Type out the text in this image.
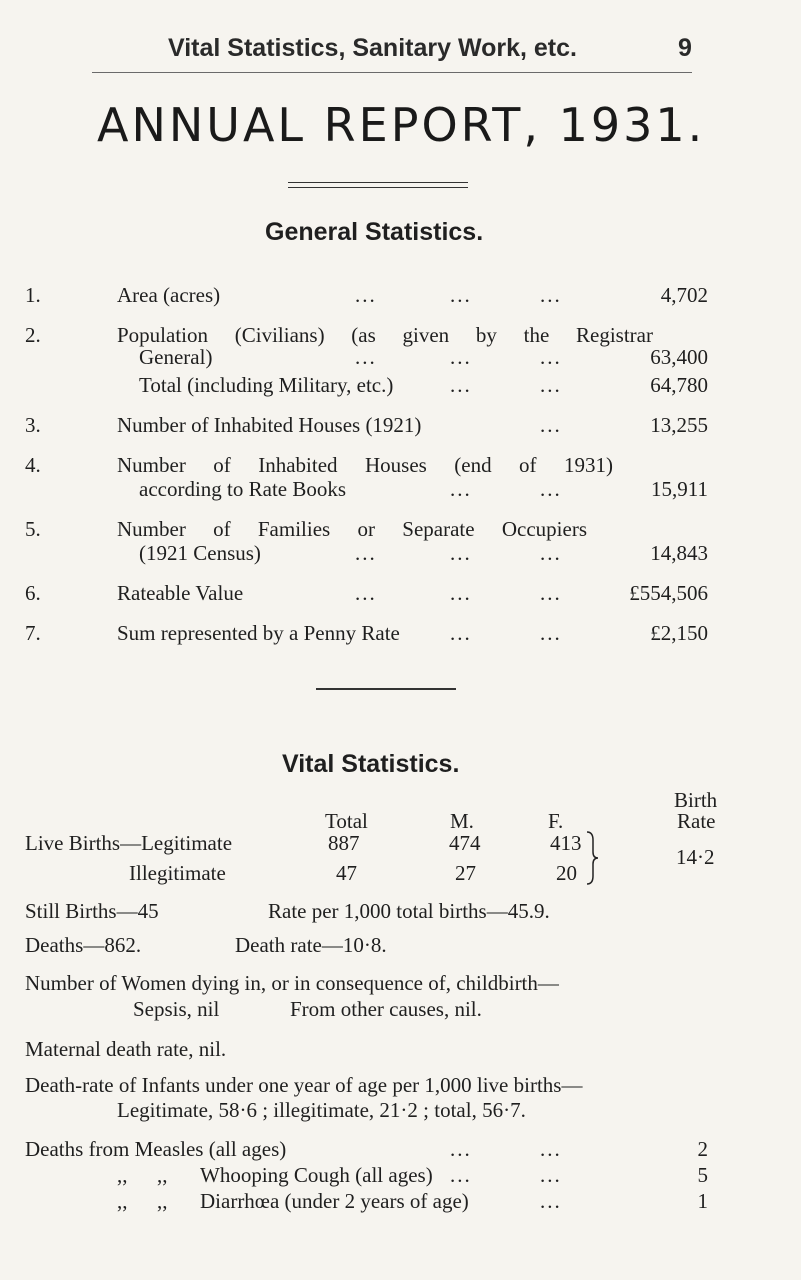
Vital Statistics, Sanitary Work, etc.	9
ANNUAL REPORT, 1931.
General Statistics.
1.	Area (acres)	...	...	...	4,702
2.	Population (Civilians) (as given by the Registrar
General)	...	...	...	63,400
Total (including Military, etc.)	...	...	64,780
3.	Number of Inhabited Houses (1921)	...	13,255
4.	Number of Inhabited Houses (end of 1931)
according to Rate Books	...	...	15,911
5.	Number of Families or Separate Occupiers
(1921 Census)	...	...	...	14,843
6.	Rateable Value	...	...	...	£554,506
7.	Sum represented by a Penny Rate ...	...	£2,150
Vital Statistics.
Birth
Total	M.	F.	Rate
Live Births—Legitimate	887	474	413
Illegitimate	47	27	20
14·2
Still Births—45	Rate per 1,000 total births—45.9.
Deaths—862.	Death rate—10·8.
Number of Women dying in, or in consequence of, childbirth—
Sepsis, nil	From other causes, nil.
Maternal death rate, nil.
Death-rate of Infants under one year of age per 1,000 live births—
Legitimate, 58·6 ; illegitimate, 21·2 ; total, 56·7.
Deaths from Measles (all ages)	...	...	2
,, ,, Whooping Cough (all ages) ...	...	5
,, ,, Diarrhœa (under 2 years of age)	...	1
